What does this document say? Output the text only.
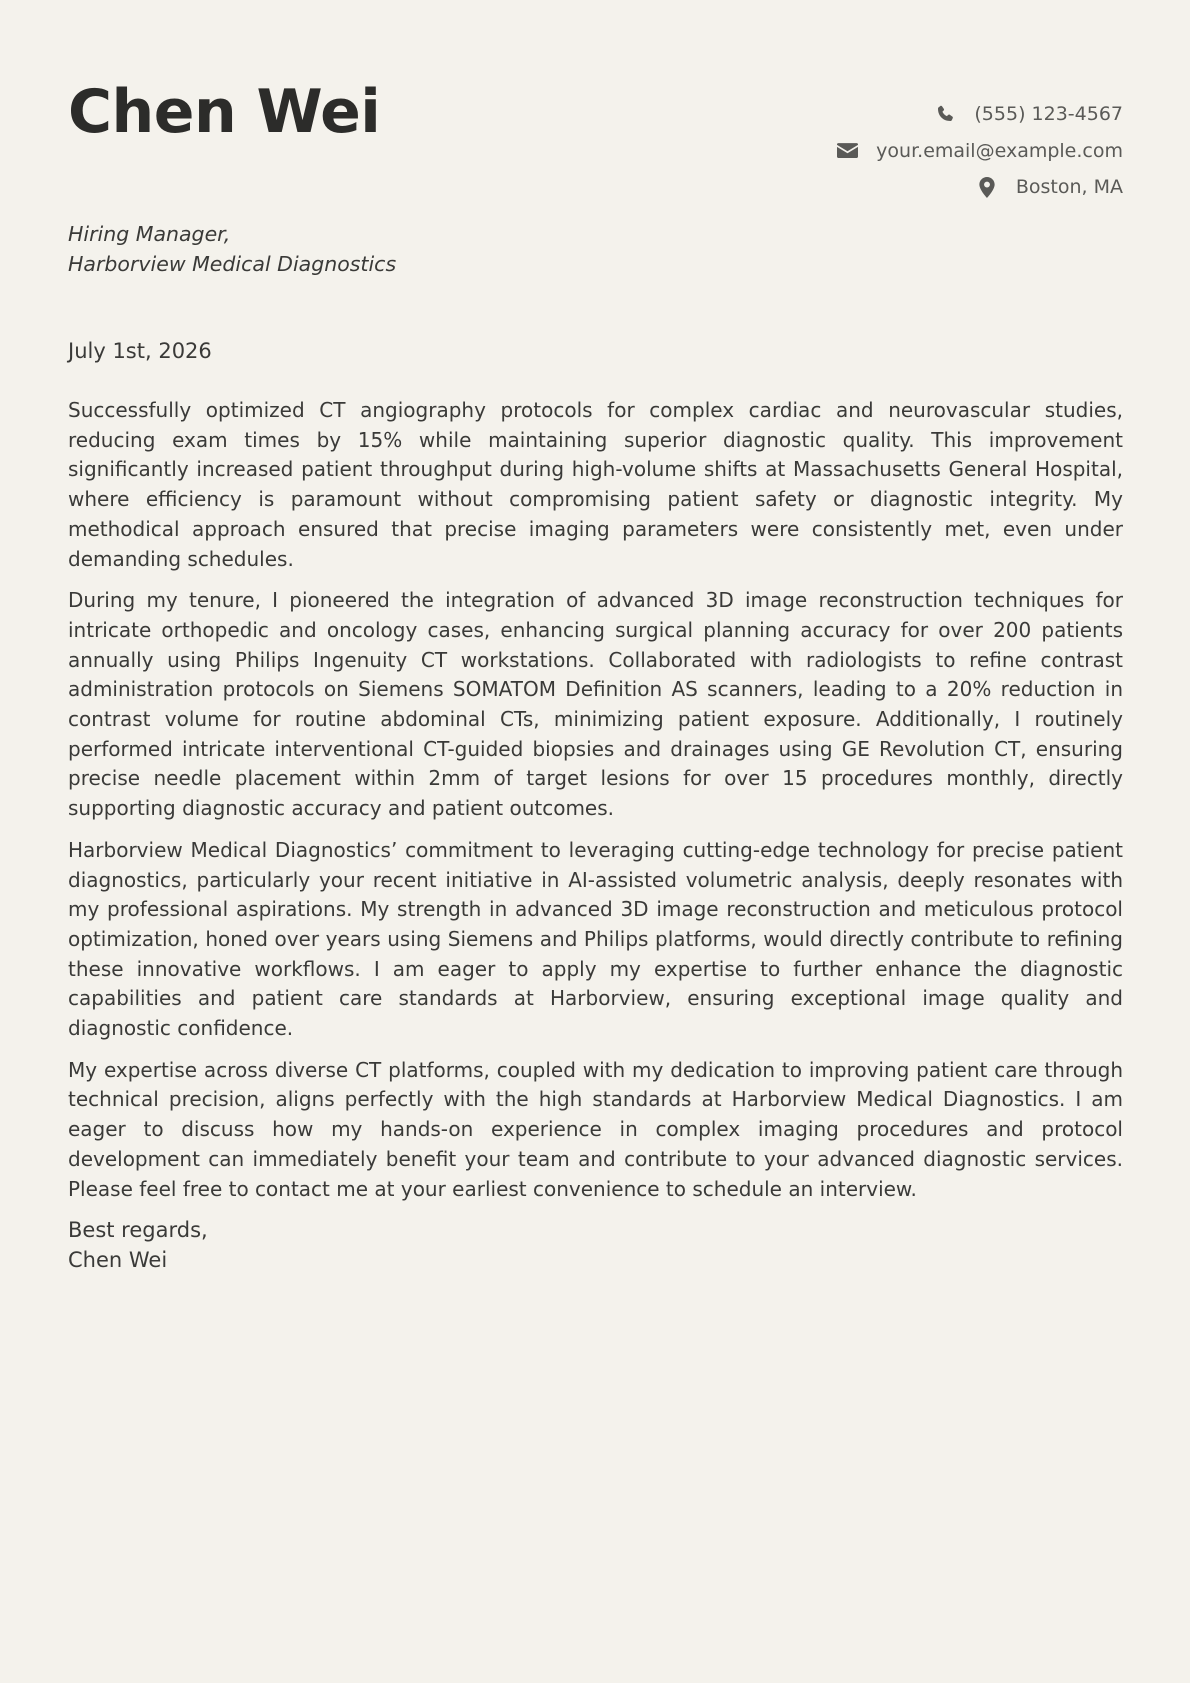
Chen Wei	(555) 123-4567
your.email@example.com
Boston, MA
Hiring Manager,
Harborview Medical Diagnostics
July 1st, 2026

Successfully optimized CT angiography protocols for complex cardiac and neurovascular studies, reducing exam times by 15% while maintaining superior diagnostic quality. This improvement significantly increased patient throughput during high-volume shifts at Massachusetts General Hospital, where efficiency is paramount without compromising patient safety or diagnostic integrity. My methodical approach ensured that precise imaging parameters were consistently met, even under demanding schedules.

During my tenure, I pioneered the integration of advanced 3D image reconstruction techniques for intricate orthopedic and oncology cases, enhancing surgical planning accuracy for over 200 patients annually using Philips Ingenuity CT workstations. Collaborated with radiologists to refine contrast administration protocols on Siemens SOMATOM Definition AS scanners, leading to a 20% reduction in contrast volume for routine abdominal CTs, minimizing patient exposure. Additionally, I routinely performed intricate interventional CT-guided biopsies and drainages using GE Revolution CT, ensuring precise needle placement within 2mm of target lesions for over 15 procedures monthly, directly supporting diagnostic accuracy and patient outcomes.

Harborview Medical Diagnostics’ commitment to leveraging cutting-edge technology for precise patient diagnostics, particularly your recent initiative in AI-assisted volumetric analysis, deeply resonates with my professional aspirations. My strength in advanced 3D image reconstruction and meticulous protocol optimization, honed over years using Siemens and Philips platforms, would directly contribute to refining these innovative workflows. I am eager to apply my expertise to further enhance the diagnostic capabilities and patient care standards at Harborview, ensuring exceptional image quality and diagnostic confidence.

My expertise across diverse CT platforms, coupled with my dedication to improving patient care through technical precision, aligns perfectly with the high standards at Harborview Medical Diagnostics. I am eager to discuss how my hands-on experience in complex imaging procedures and protocol development can immediately benefit your team and contribute to your advanced diagnostic services. Please feel free to contact me at your earliest convenience to schedule an interview.

Best regards,
Chen Wei
